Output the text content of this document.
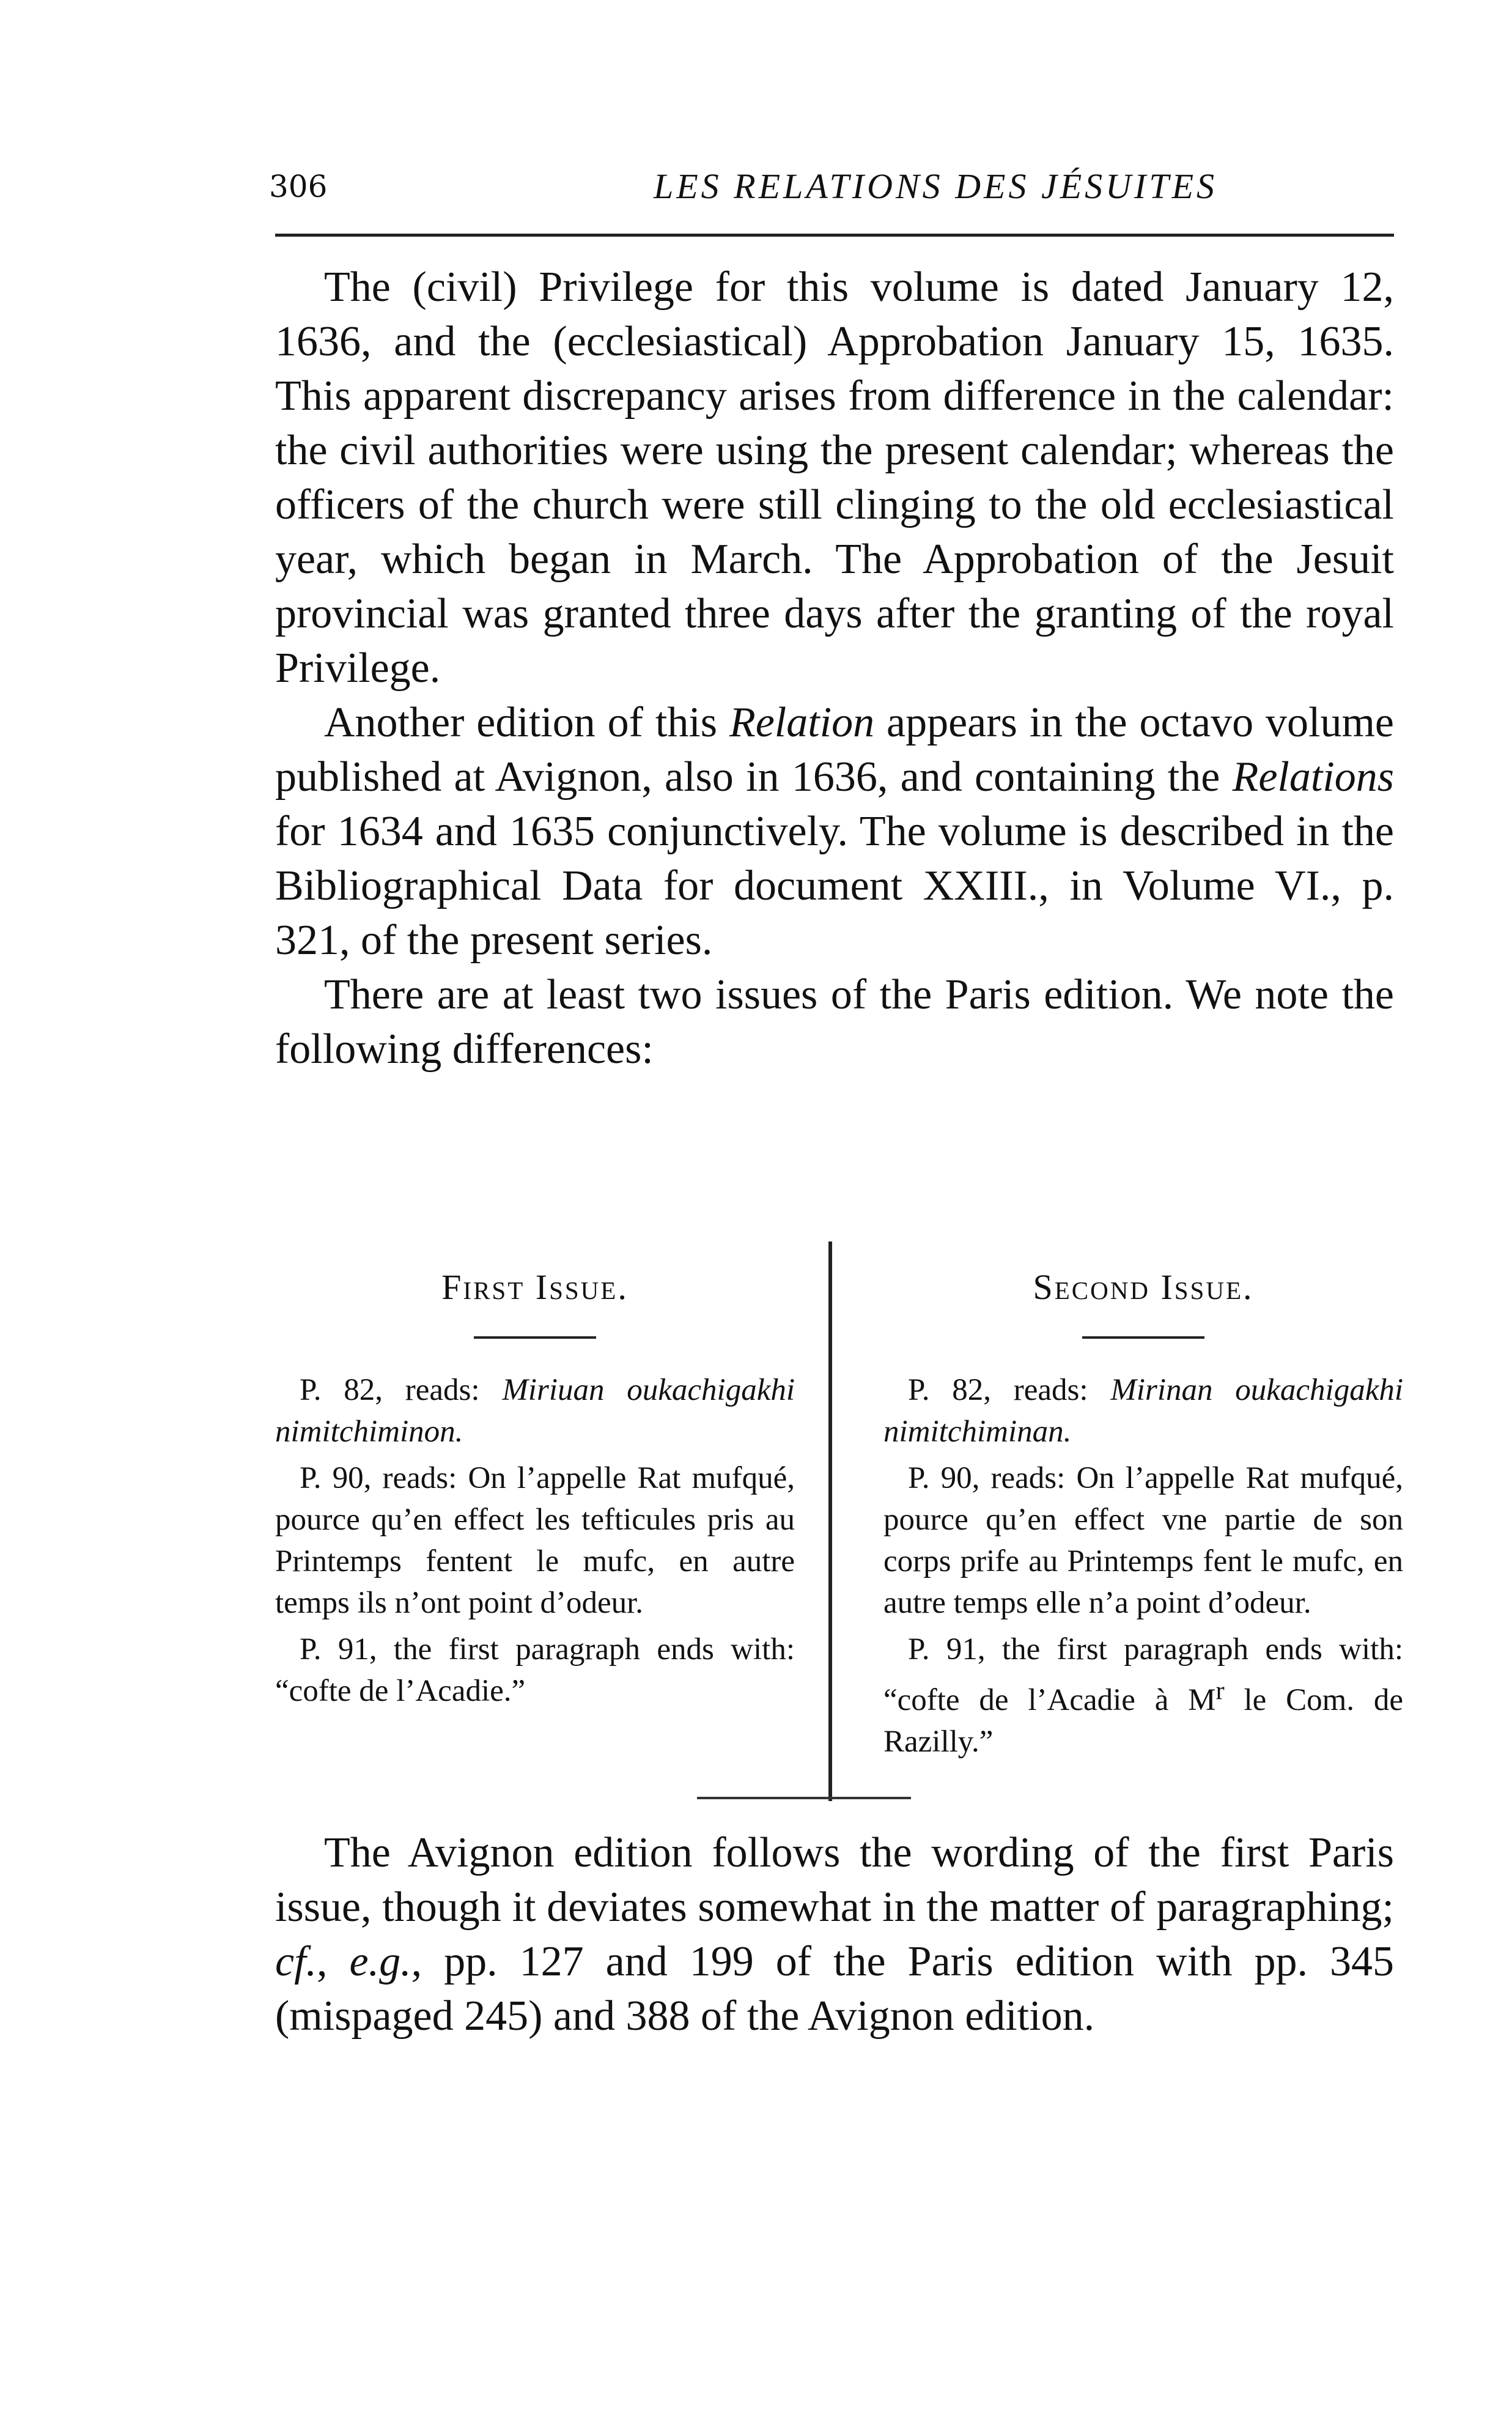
306	LES RELATIONS DES JÉSUITES

The (civil) Privilege for this volume is dated January 12, 1636, and the (ecclesiastical) Approbation January 15, 1635. This apparent discrepancy arises from difference in the calendar: the civil authorities were using the present calendar; whereas the officers of the church were still clinging to the old ecclesiastical year, which began in March. The Approbation of the Jesuit provincial was granted three days after the granting of the royal Privilege.

Another edition of this Relation appears in the octavo volume published at Avignon, also in 1636, and containing the Relations for 1634 and 1635 conjunctively. The volume is described in the Bibliographical Data for document XXIII., in Volume VI., p. 321, of the present series.

There are at least two issues of the Paris edition. We note the following differences:

First Issue.

P. 82, reads: Miriuan oukachigakhi nimitchiminon.

P. 90, reads: On l’appelle Rat mufqué, pource qu’en effect les tefticules pris au Printemps fentent le mufc, en autre temps ils n’ont point d’odeur.

P. 91, the first paragraph ends with: “cofte de l’Acadie.”

Second Issue.

P. 82, reads: Mirinan oukachigakhi nimitchiminan.

P. 90, reads: On l’appelle Rat mufqué, pource qu’en effect vne partie de son corps prife au Printemps fent le mufc, en autre temps elle n’a point d’odeur.

P. 91, the first paragraph ends with: “cofte de l’Acadie à $M^r$ le Com. de Razilly.”

The Avignon edition follows the wording of the first Paris issue, though it deviates somewhat in the matter of paragraphing; cf., e.g., pp. 127 and 199 of the Paris edition with pp. 345 (mispaged 245) and 388 of the Avignon edition.
